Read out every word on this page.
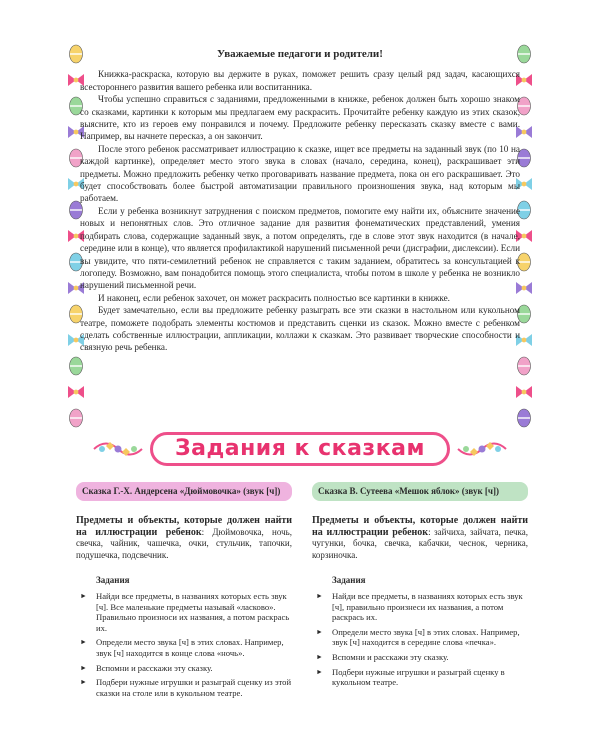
Уважаемые педагоги и родители!

Книжка-раскраска, которую вы держите в руках, поможет решить сразу целый ряд задач, касающихся всестороннего развития вашего ребенка или воспитанника.

Чтобы успешно справиться с заданиями, предложенными в книжке, ребенок должен быть хорошо знаком со сказками, картинки к которым мы предлагаем ему раскрасить. Прочитайте ребенку каждую из этих сказок, выясните, кто из героев ему понравился и почему. Предложите ребенку пересказать сказку вместе с вами. Например, вы начнете пересказ, а он закончит.

После этого ребенок рассматривает иллюстрацию к сказке, ищет все предметы на заданный звук (по 10 на каждой картинке), определяет место этого звука в словах (начало, середина, конец), раскрашивает эти предметы. Можно предложить ребенку четко проговаривать название предмета, пока он его раскрашивает. Это будет способствовать более быстрой автоматизации правильного произношения звука, над которым мы работаем.

Если у ребенка возникнут затруднения с поиском предметов, помогите ему найти их, объясните значение новых и непонятных слов. Это отличное задание для развития фонематических представлений, умения подбирать слова, содержащие заданный звук, а потом определять, где в слове этот звук находится (в начале, середине или в конце), что является профилактикой нарушений письменной речи (дисграфии, дислексии). Если вы увидите, что пяти-семилетний ребенок не справляется с таким заданием, обратитесь за консультацией к логопеду. Возможно, вам понадобится помощь этого специалиста, чтобы потом в школе у ребенка не возникло нарушений письменной речи.

И наконец, если ребенок захочет, он может раскрасить полностью все картинки в книжке.

Будет замечательно, если вы предложите ребенку разыграть все эти сказки в настольном или кукольном театре, поможете подобрать элементы костюмов и представить сценки из сказок. Можно вместе с ребенком сделать собственные иллюстрации, аппликации, коллажи к сказкам. Это развивает творческие способности и связную речь ребенка.

Задания к сказкам
Сказка Г.-Х. Андерсена «Дюймовочка» (звук [ч])

Предметы и объекты, которые должен найти на иллюстрации ребенок: Дюймовочка, ночь, свечка, чайник, чашечка, очки, стульчик, тапочки, подушечка, подсвечник.

Задания
► Найди все предметы, в названиях которых есть звук [ч]. Все маленькие предметы называй «ласково». Правильно произноси их названия, а потом раскрась их.
► Определи место звука [ч] в этих словах. Например, звук [ч] находится в конце слова «ночь».
► Вспомни и расскажи эту сказку.
► Подбери нужные игрушки и разыграй сценку из этой сказки на столе или в кукольном театре.
Сказка В. Сутеева «Мешок яблок» (звук [ч])

Предметы и объекты, которые должен найти на иллюстрации ребенок: зайчиха, зайчата, печка, чугунки, бочка, свечка, кабачки, чеснок, черника, корзиночка.

Задания
► Найди все предметы, в названиях которых есть звук [ч], правильно произнеси их названия, а потом раскрась их.
► Определи место звука [ч] в этих словах. Например, звук [ч] находится в середине слова «печка».
► Вспомни и расскажи эту сказку.
► Подбери нужные игрушки и разыграй сценку в кукольном театре.
